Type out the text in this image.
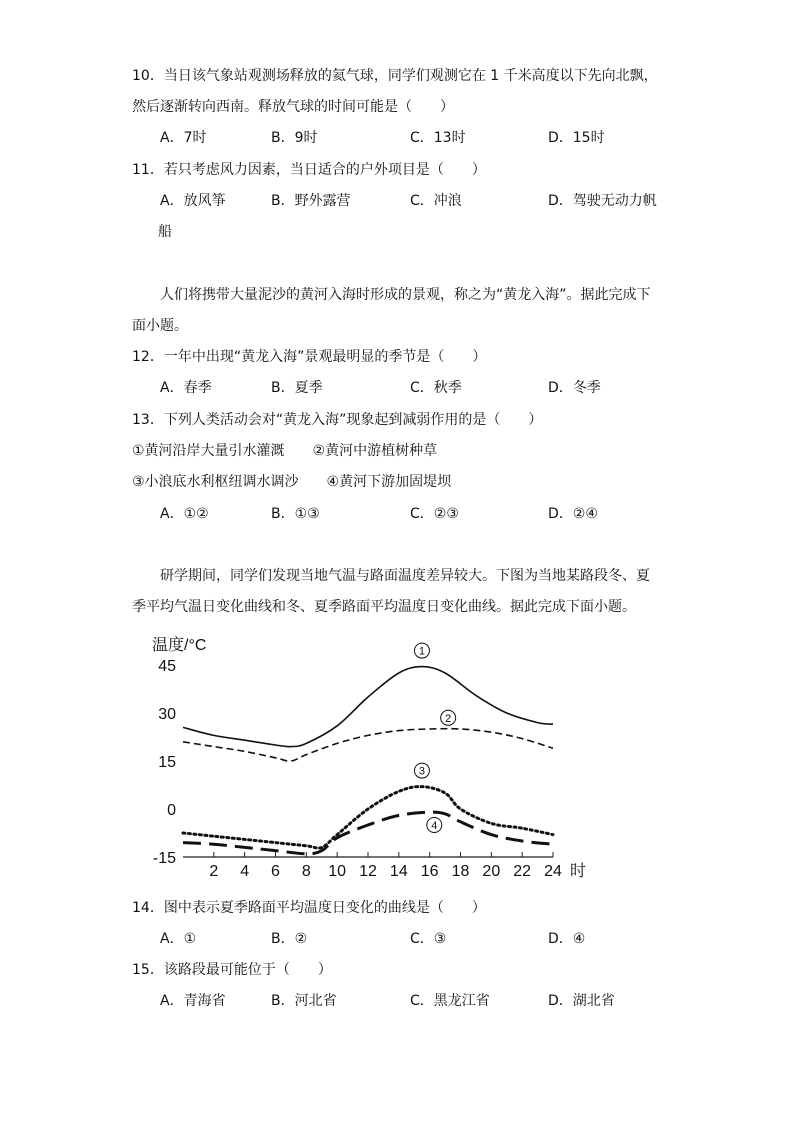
10．当日该气象站观测场释放的氦气球，同学们观测它在 1 千米高度以下先向北飘，
然后逐渐转向西南。释放气球的时间可能是（　　）
A．7时	B．9时	C．13时	D．15时
11．若只考虑风力因素，当日适合的户外项目是（　　）
A．放风筝	B．野外露营	C．冲浪	D．驾驶无动力帆
船
人们将携带大量泥沙的黄河入海时形成的景观，称之为“黄龙入海”。据此完成下
面小题。
12．一年中出现“黄龙入海”景观最明显的季节是（　　）
A．春季	B．夏季	C．秋季	D．冬季
13．下列人类活动会对“黄龙入海”现象起到减弱作用的是（　　）
①黄河沿岸大量引水灌溉　　②黄河中游植树种草
③小浪底水利枢纽调水调沙　　④黄河下游加固堤坝
A．①②	B．①③	C．②③	D．②④
研学期间，同学们发现当地气温与路面温度差异较大。下图为当地某路段冬、夏
季平均气温日变化曲线和冬、夏季路面平均温度日变化曲线。据此完成下面小题。
温度/°C
时
45
30
15
0
-15
2 4 6 8 10 12 14 16 18 20 22 24
1
2
3
4
14．图中表示夏季路面平均温度日变化的曲线是（　　）
A．①	B．②	C．③	D．④
15．该路段最可能位于（　　）
A．青海省	B．河北省	C．黑龙江省	D．湖北省
